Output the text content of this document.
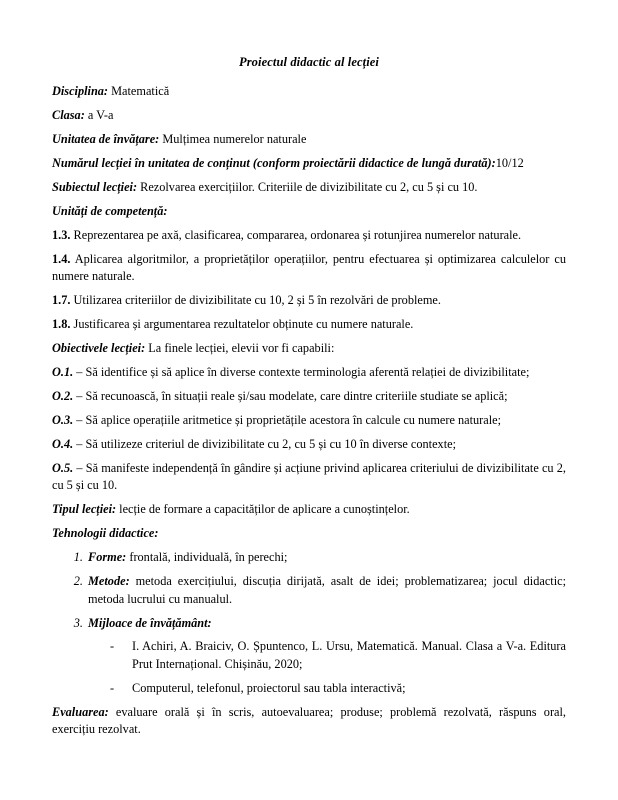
Proiectul didactic al lecției

Disciplina: Matematică

Clasa: a V-a

Unitatea de învățare: Mulțimea numerelor naturale

Numărul lecției în unitatea de conținut (conform proiectării didactice de lungă durată):10/12

Subiectul lecției: Rezolvarea exercițiilor. Criteriile de divizibilitate cu 2, cu 5 și cu 10.

Unități de competență:

1.3. Reprezentarea pe axă, clasificarea, compararea, ordonarea și rotunjirea numerelor naturale.

1.4. Aplicarea algoritmilor, a proprietăților operațiilor, pentru efectuarea și optimizarea calculelor cu numere naturale.

1.7. Utilizarea criteriilor de divizibilitate cu 10, 2 și 5 în rezolvări de probleme.

1.8. Justificarea și argumentarea rezultatelor obținute cu numere naturale.

Obiectivele lecției: La finele lecției, elevii vor fi capabili:

O.1. – Să identifice și să aplice în diverse contexte terminologia aferentă relației de divizibilitate;

O.2. – Să recunoască, în situații reale și/sau modelate, care dintre criteriile studiate se aplică;

O.3. – Să aplice operațiile aritmetice și proprietățile acestora în calcule cu numere naturale;

O.4. – Să utilizeze criteriul de divizibilitate cu 2, cu 5 și cu 10 în diverse contexte;

O.5. – Să manifeste independență în gândire și acțiune privind aplicarea criteriului de divizibilitate cu 2, cu 5 și cu 10.

Tipul lecției: lecție de formare a capacităților de aplicare a cunoștințelor.

Tehnologii didactice:

1. Forme: frontală, individuală, în perechi;
2. Metode: metoda exercițiului, discuția dirijată, asalt de idei; problematizarea; jocul didactic; metoda lucrului cu manualul.
3. Mijloace de învățământ:
- I. Achiri, A. Braiciv, O. Șpuntenco, L. Ursu, Matematică. Manual. Clasa a V-a. Editura Prut Internațional. Chișinău, 2020;
- Computerul, telefonul, proiectorul sau tabla interactivă;

Evaluarea: evaluare orală și în scris, autoevaluarea; produse; problemă rezolvată, răspuns oral, exercițiu rezolvat.
